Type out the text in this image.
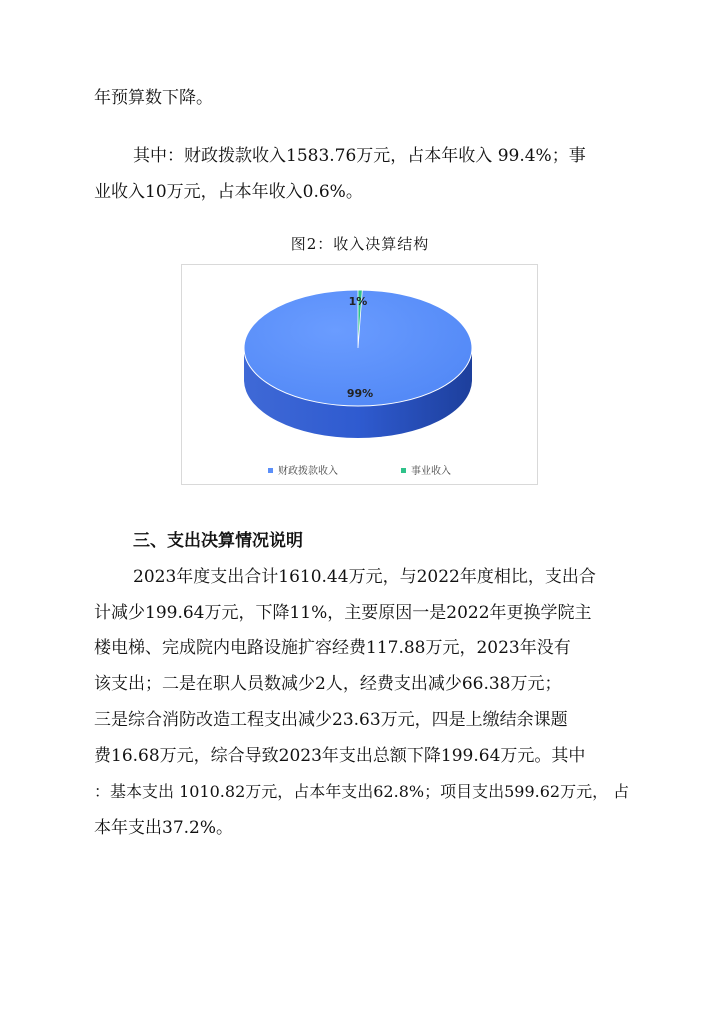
年预算数下降。
其中：财政拨款收入1583.76万元，占本年收入 99.4%；事
业收入10万元，占本年收入0.6%。
图2：收入决算结构
1%
99%
财政拨款收入	事业收入
三、支出决算情况说明
2023年度支出合计1610.44万元，与2022年度相比，支出合
计减少199.64万元，下降11%，主要原因一是2022年更换学院主
楼电梯、完成院内电路设施扩容经费117.88万元，2023年没有
该支出；二是在职人员数减少2人，经费支出减少66.38万元；
三是综合消防改造工程支出减少23.63万元，四是上缴结余课题
费16.68万元，综合导致2023年支出总额下降199.64万元。其中
：基本支出 1010.82万元，占本年支出62.8%；项目支出599.62万元， 占
本年支出37.2%。
